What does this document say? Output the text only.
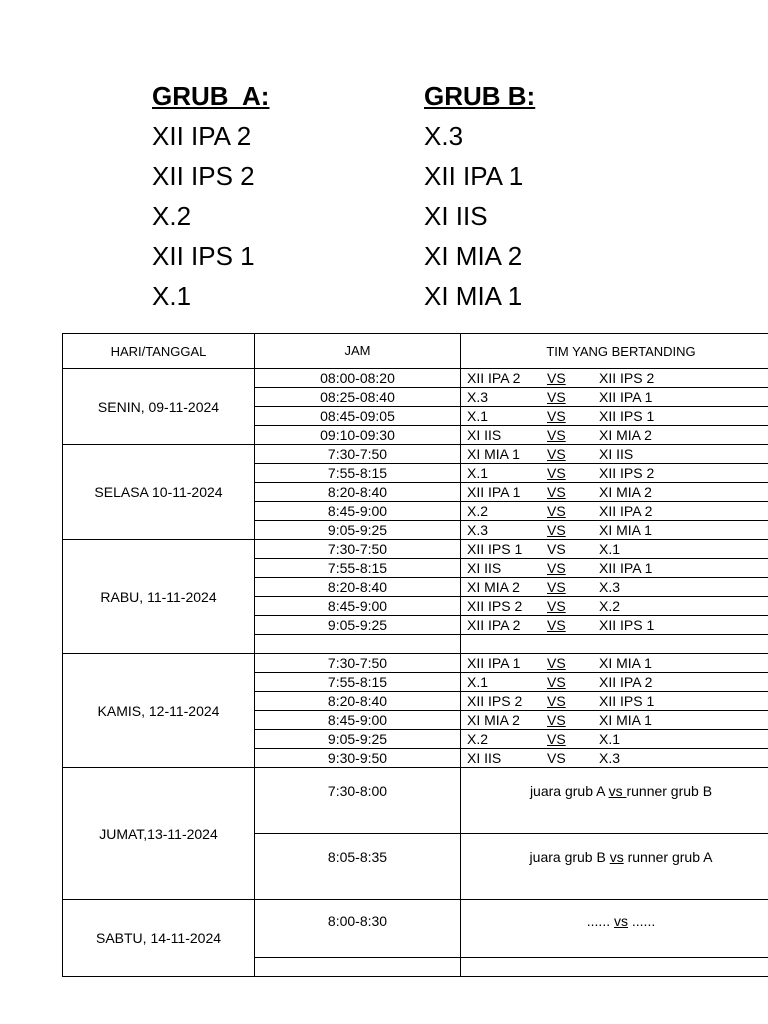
GRUB  A:
XII IPA 2
XII IPS 2
X.2
XII IPS 1
X.1
GRUB B:
X.3
XII IPA 1
XI IIS
XI MIA 2
XI MIA 1
HARI/TANGGAL	JAM	TIM YANG BERTANDING
SENIN, 09-11-2024	08:00-08:20	XII IPA 2 VS XII IPS 2
	08:25-08:40	X.3 VS XII IPA 1
	08:45-09:05	X.1 VS XII IPS 1
	09:10-09:30	XI IIS VS XI MIA 2
SELASA 10-11-2024	7:30-7:50	XI MIA 1 VS XI IIS
	7:55-8:15	X.1 VS XII IPS 2
	8:20-8:40	XII IPA 1 VS XI MIA 2
	8:45-9:00	X.2 VS XII IPA 2
	9:05-9:25	X.3 VS XI MIA 1
RABU, 11-11-2024	7:30-7:50	XII IPS 1 VS X.1
	7:55-8:15	XI IIS VS XII IPA 1
	8:20-8:40	XI MIA 2 VS X.3
	8:45-9:00	XII IPS 2 VS X.2
	9:05-9:25	XII IPA 2 VS XII IPS 1

KAMIS, 12-11-2024	7:30-7:50	XII IPA 1 VS XI MIA 1
	7:55-8:15	X.1 VS XII IPA 2
	8:20-8:40	XII IPS 2 VS XII IPS 1
	8:45-9:00	XI MIA 2 VS XI MIA 1
	9:05-9:25	X.2 VS X.1
	9:30-9:50	XI IIS VS X.3
JUMAT,13-11-2024	7:30-8:00	juara grub A vs runner grub B
	8:05-8:35	juara grub B vs runner grub A
SABTU, 14-11-2024	8:00-8:30	...... vs ......
